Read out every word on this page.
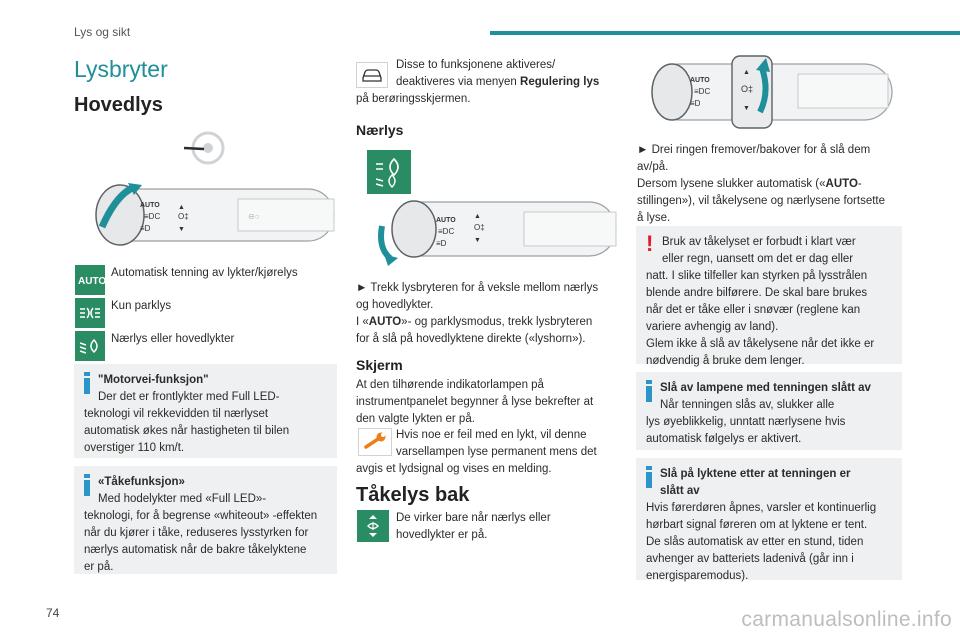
Lys og sikt
Lysbryter
Hovedlys
AUTO
≡DC
≡D
▲
O‡
▼
⊖○
AUTO
Automatisk tenning av lykter/kjørelys
Kun parklys
Nærlys eller hovedlykter
"Motorvei-funksjon"
Der det er frontlykter med Full LED-
teknologi vil rekkevidden til nærlyset
automatisk økes når hastigheten til bilen
overstiger 110 km/t.
«Tåkefunksjon»
Med hodelykter med «Full LED»-
teknologi, for å begrense «whiteout» -effekten
når du kjører i tåke, reduseres lysstyrken for
nærlys automatisk når de bakre tåkelyktene
er på.
Disse to funksjonene aktiveres/
deaktiveres via menyen Regulering lys
på berøringsskjermen.
Nærlys
AUTO
≡DC
≡D
▲
O‡
▼
► Trekk lysbryteren for å veksle mellom nærlys
og hovedlykter.
I «AUTO»- og parklysmodus, trekk lysbryteren
for å slå på hovedlyktene direkte («lyshorn»).
Skjerm
At den tilhørende indikatorlampen på
instrumentpanelet begynner å lyse bekrefter at
den valgte lykten er på.
Hvis noe er feil med en lykt, vil denne
varsellampen lyse permanent mens det
avgis et lydsignal og vises en melding.
Tåkelys bak
De virker bare når nærlys eller
hovedlykter er på.
AUTO
≡DC
≡D
▲
O‡
▼
► Drei ringen fremover/bakover for å slå dem
av/på.
Dersom lysene slukker automatisk («AUTO-
stillingen»), vil tåkelysene og nærlysene fortsette
å lyse.
! Bruk av tåkelyset er forbudt i klart vær
eller regn, uansett om det er dag eller
natt. I slike tilfeller kan styrken på lysstrålen
blende andre bilførere. De skal bare brukes
når det er tåke eller i snøvær (reglene kan
variere avhengig av land).
Glem ikke å slå av tåkelysene når det ikke er
nødvendig å bruke dem lenger.
Slå av lampene med tenningen slått av
Når tenningen slås av, slukker alle
lys øyeblikkelig, unntatt nærlysene hvis
automatisk følgelys er aktivert.
Slå på lyktene etter at tenningen er
slått av
Hvis førerdøren åpnes, varsler et kontinuerlig
hørbart signal føreren om at lyktene er tent.
De slås automatisk av etter en stund, tiden
avhenger av batteriets ladenivå (går inn i
energisparemodus).
74	carmanualsonline.info
